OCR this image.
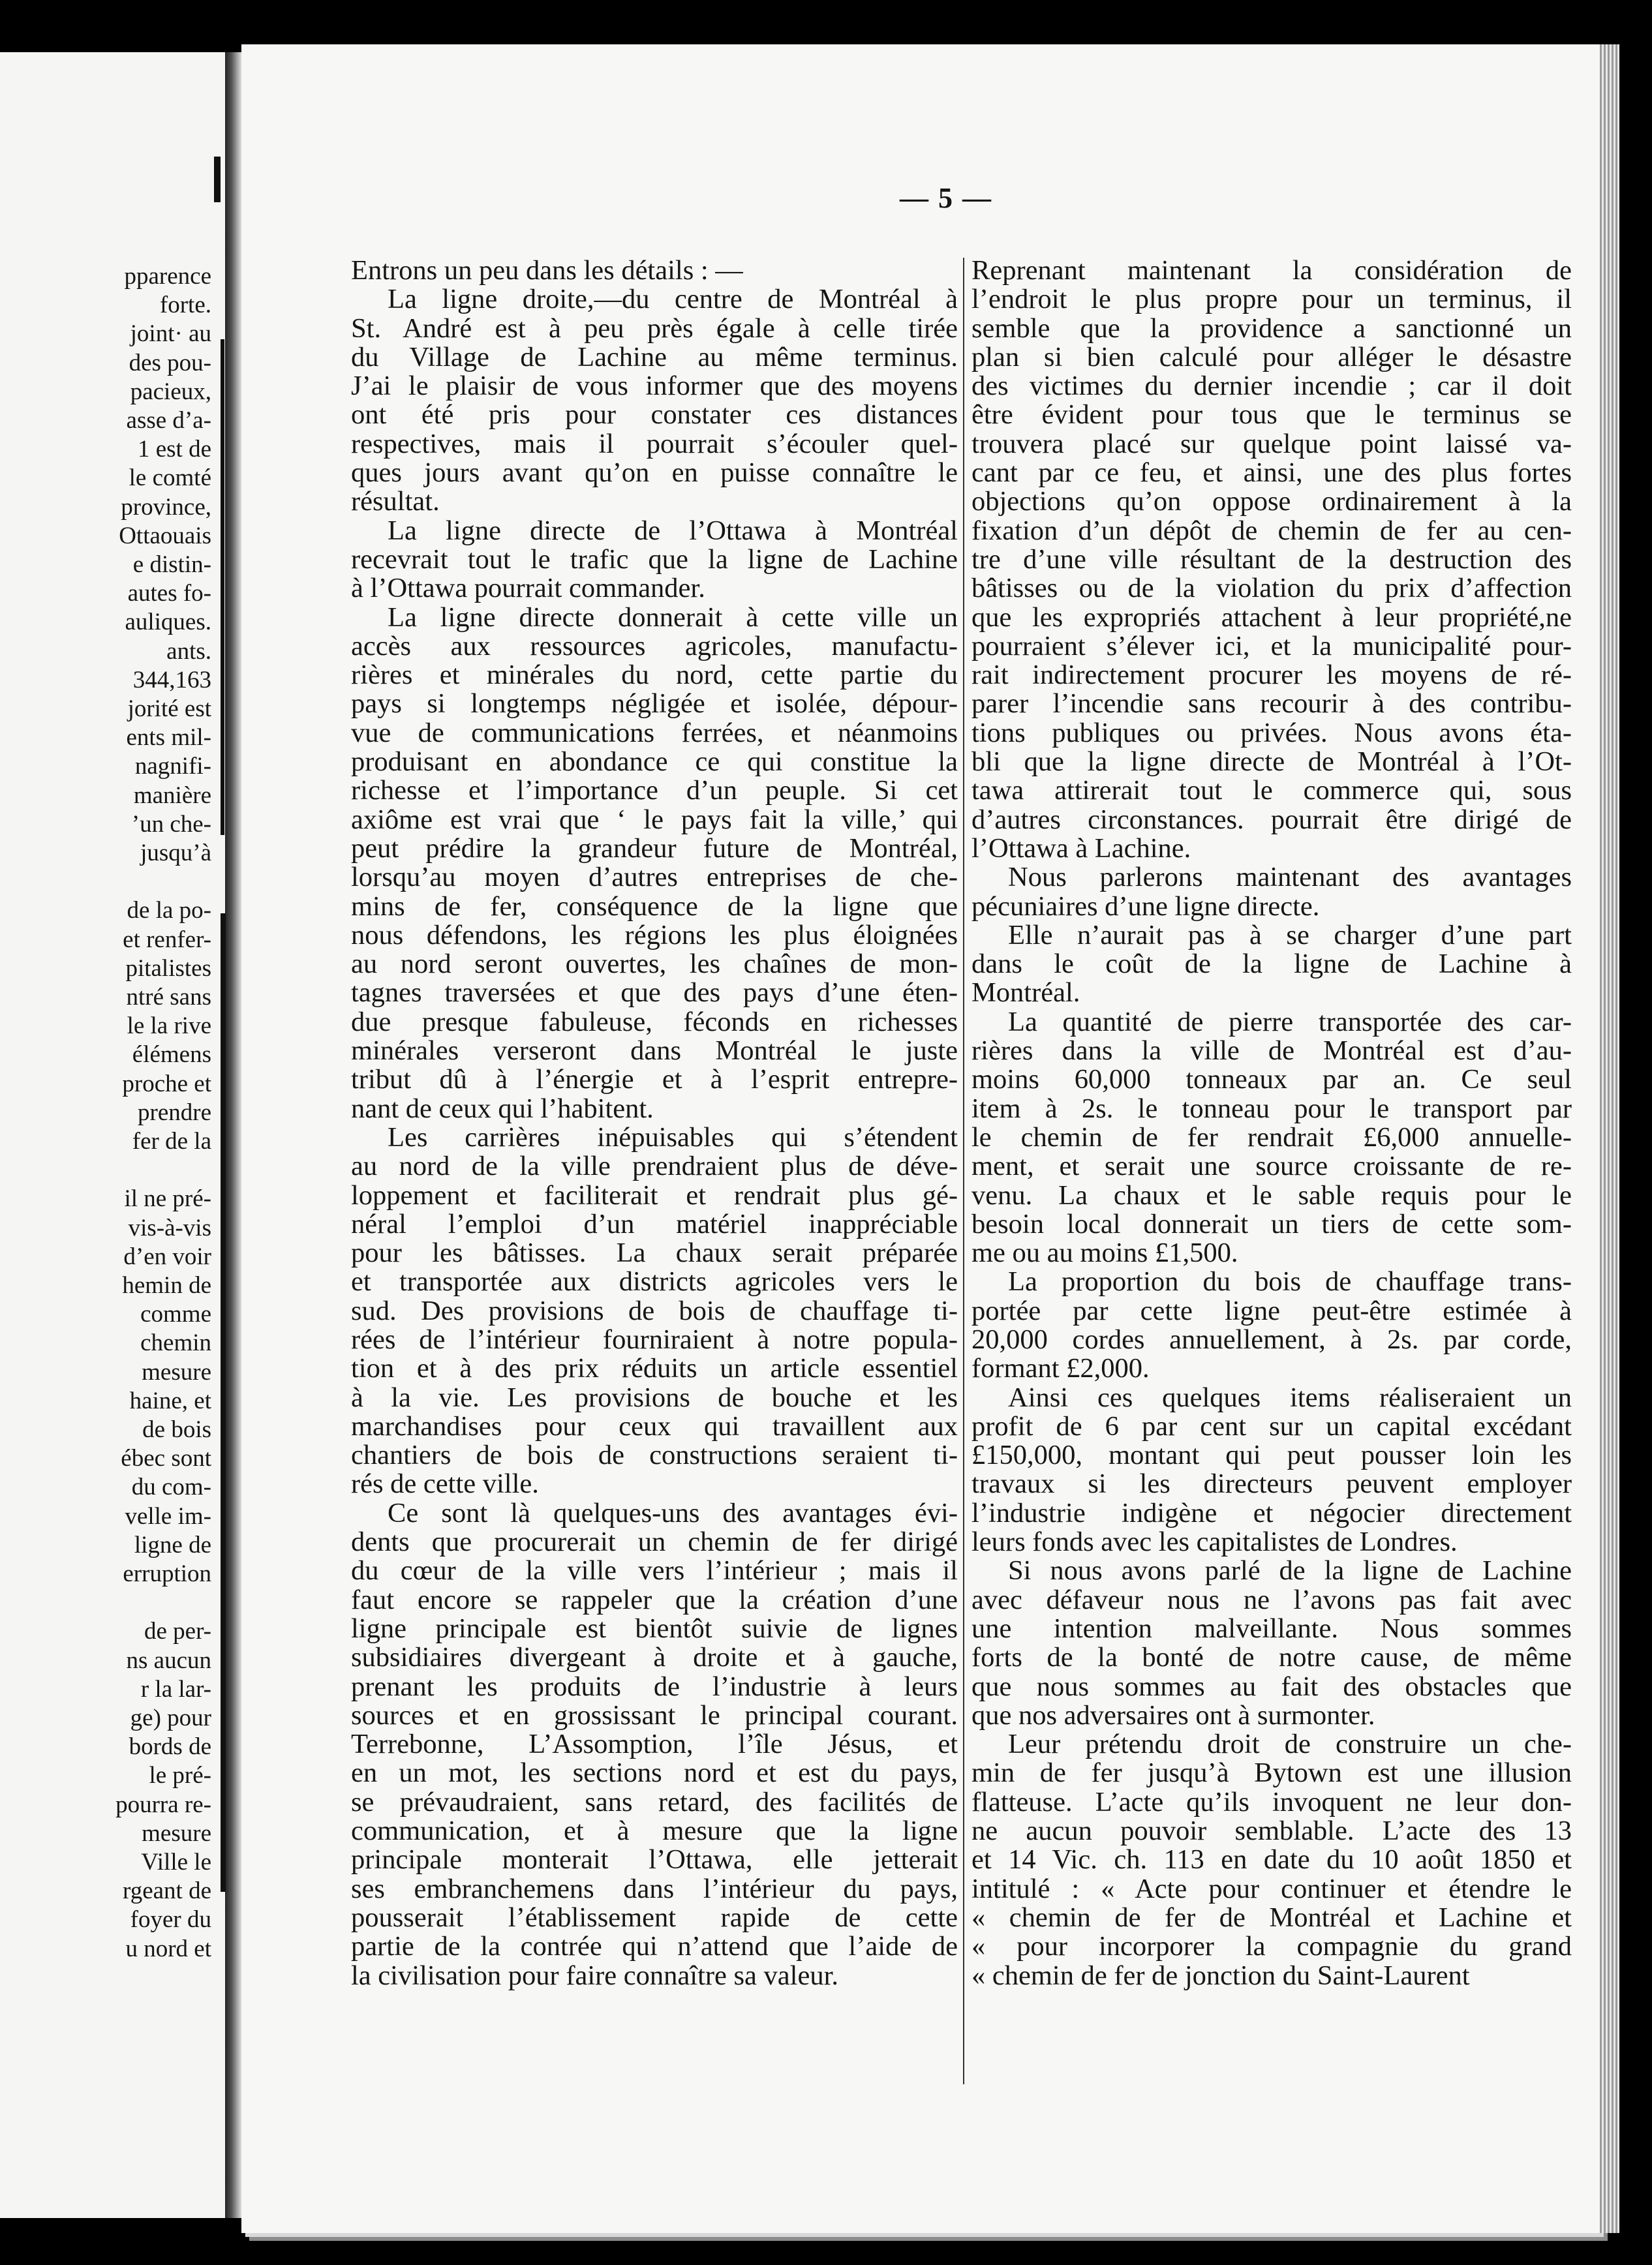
pparence
forte.
joint· au
des pou-
pacieux,
asse d’a-
1 est de
le comté
province,
Ottaouais
e distin-
autes fo-
auliques.
ants.
344,163
jorité est
ents mil-
nagnifi-
manière
’un che-
jusqu’à
de la po-
et renfer-
pitalistes
ntré sans
le la rive
élémens
proche et
prendre
fer de la
il ne pré-
vis-à-vis
d’en voir
hemin de
comme
chemin
mesure
haine, et
de bois
ébec sont
du com-
velle im-
ligne de
erruption
de per-
ns aucun
r la lar-
ge) pour
bords de
le pré-
pourra re-
mesure
Ville le
rgeant de
foyer du
u nord et
— 5 —
Entrons un peu dans les détails : —
La ligne droite,—du centre de Montréal à
St. André est à peu près égale à celle tirée
du Village de Lachine au même terminus.
J’ai le plaisir de vous informer que des moyens
ont été pris pour constater ces distances
respectives, mais il pourrait s’écouler quel-
ques jours avant qu’on en puisse connaître le
résultat.
La ligne directe de l’Ottawa à Montréal
recevrait tout le trafic que la ligne de Lachine
à l’Ottawa pourrait commander.
La ligne directe donnerait à cette ville un
accès aux ressources agricoles, manufactu-
rières et minérales du nord, cette partie du
pays si longtemps négligée et isolée, dépour-
vue de communications ferrées, et néanmoins
produisant en abondance ce qui constitue la
richesse et l’importance d’un peuple. Si cet
axiôme est vrai que ‘ le pays fait la ville,’ qui
peut prédire la grandeur future de Montréal,
lorsqu’au moyen d’autres entreprises de che-
mins de fer, conséquence de la ligne que
nous défendons, les régions les plus éloignées
au nord seront ouvertes, les chaînes de mon-
tagnes traversées et que des pays d’une éten-
due presque fabuleuse, féconds en richesses
minérales verseront dans Montréal le juste
tribut dû à l’énergie et à l’esprit entrepre-
nant de ceux qui l’habitent.
Les carrières inépuisables qui s’étendent
au nord de la ville prendraient plus de déve-
loppement et faciliterait et rendrait plus gé-
néral l’emploi d’un matériel inappréciable
pour les bâtisses. La chaux serait préparée
et transportée aux districts agricoles vers le
sud. Des provisions de bois de chauffage ti-
rées de l’intérieur fourniraient à notre popula-
tion et à des prix réduits un article essentiel
à la vie. Les provisions de bouche et les
marchandises pour ceux qui travaillent aux
chantiers de bois de constructions seraient ti-
rés de cette ville.
Ce sont là quelques-uns des avantages évi-
dents que procurerait un chemin de fer dirigé
du cœur de la ville vers l’intérieur ; mais il
faut encore se rappeler que la création d’une
ligne principale est bientôt suivie de lignes
subsidiaires divergeant à droite et à gauche,
prenant les produits de l’industrie à leurs
sources et en grossissant le principal courant.
Terrebonne, L’Assomption, l’île Jésus, et
en un mot, les sections nord et est du pays,
se prévaudraient, sans retard, des facilités de
communication, et à mesure que la ligne
principale monterait l’Ottawa, elle jetterait
ses embranchemens dans l’intérieur du pays,
pousserait l’établissement rapide de cette
partie de la contrée qui n’attend que l’aide de
la civilisation pour faire connaître sa valeur.
Reprenant maintenant la considération de
l’endroit le plus propre pour un terminus, il
semble que la providence a sanctionné un
plan si bien calculé pour alléger le désastre
des victimes du dernier incendie ; car il doit
être évident pour tous que le terminus se
trouvera placé sur quelque point laissé va-
cant par ce feu, et ainsi, une des plus fortes
objections qu’on oppose ordinairement à la
fixation d’un dépôt de chemin de fer au cen-
tre d’une ville résultant de la destruction des
bâtisses ou de la violation du prix d’affection
que les expropriés attachent à leur propriété,ne
pourraient s’élever ici, et la municipalité pour-
rait indirectement procurer les moyens de ré-
parer l’incendie sans recourir à des contribu-
tions publiques ou privées. Nous avons éta-
bli que la ligne directe de Montréal à l’Ot-
tawa attirerait tout le commerce qui, sous
d’autres circonstances. pourrait être dirigé de
l’Ottawa à Lachine.
Nous parlerons maintenant des avantages
pécuniaires d’une ligne directe.
Elle n’aurait pas à se charger d’une part
dans le coût de la ligne de Lachine à
Montréal.
La quantité de pierre transportée des car-
rières dans la ville de Montréal est d’au-
moins 60,000 tonneaux par an. Ce seul
item à 2s. le tonneau pour le transport par
le chemin de fer rendrait £6,000 annuelle-
ment, et serait une source croissante de re-
venu. La chaux et le sable requis pour le
besoin local donnerait un tiers de cette som-
me ou au moins £1,500.
La proportion du bois de chauffage trans-
portée par cette ligne peut-être estimée à
20,000 cordes annuellement, à 2s. par corde,
formant £2,000.
Ainsi ces quelques items réaliseraient un
profit de 6 par cent sur un capital excédant
£150,000, montant qui peut pousser loin les
travaux si les directeurs peuvent employer
l’industrie indigène et négocier directement
leurs fonds avec les capitalistes de Londres.
Si nous avons parlé de la ligne de Lachine
avec défaveur nous ne l’avons pas fait avec
une intention malveillante. Nous sommes
forts de la bonté de notre cause, de même
que nous sommes au fait des obstacles que
que nos adversaires ont à surmonter.
Leur prétendu droit de construire un che-
min de fer jusqu’à Bytown est une illusion
flatteuse. L’acte qu’ils invoquent ne leur don-
ne aucun pouvoir semblable. L’acte des 13
et 14 Vic. ch. 113 en date du 10 août 1850 et
intitulé : « Acte pour continuer et étendre le
« chemin de fer de Montréal et Lachine et
« pour incorporer la compagnie du grand
« chemin de fer de jonction du Saint-Laurent
